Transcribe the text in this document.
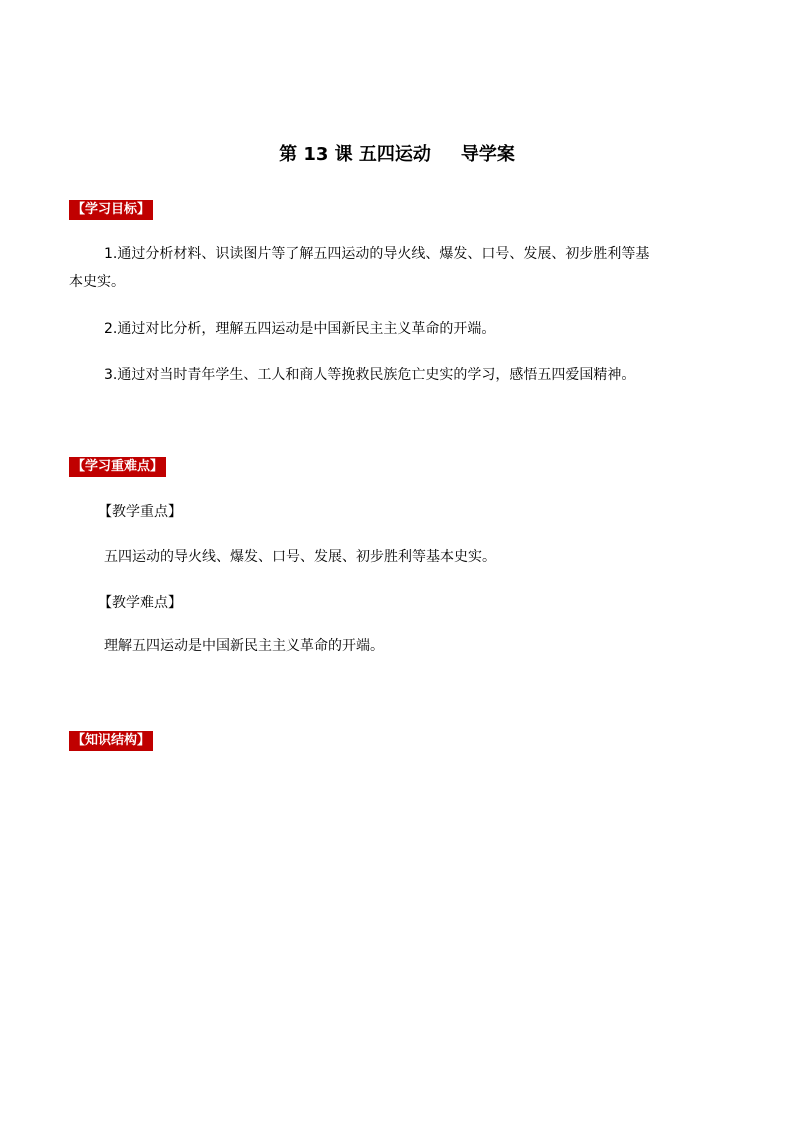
第 13 课 五四运动 导学案
【学习目标】
1.通过分析材料、识读图片等了解五四运动的导火线、爆发、口号、发展、初步胜利等基
本史实。
2.通过对比分析，理解五四运动是中国新民主主义革命的开端。
3.通过对当时青年学生、工人和商人等挽救民族危亡史实的学习，感悟五四爱国精神。
【学习重难点】
【教学重点】
五四运动的导火线、爆发、口号、发展、初步胜利等基本史实。
【教学难点】
理解五四运动是中国新民主主义革命的开端。
【知识结构】
